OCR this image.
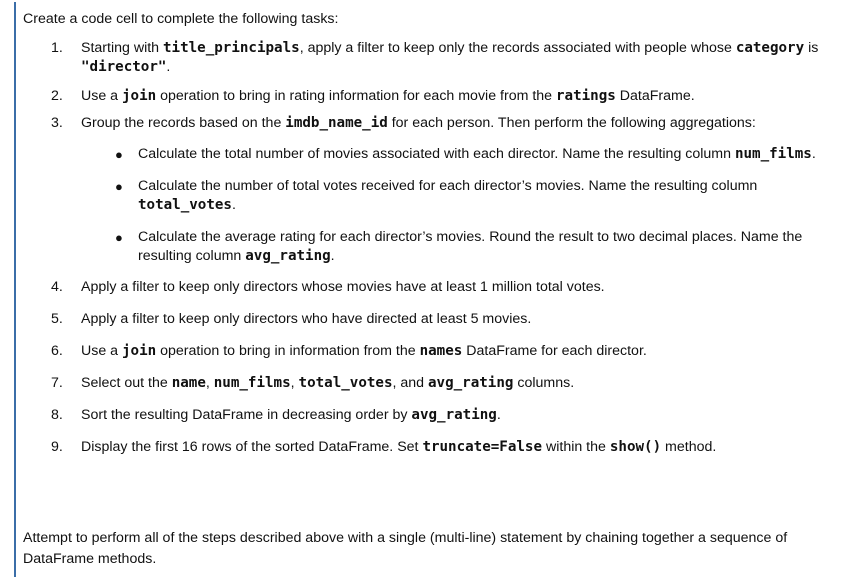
Create a code cell to complete the following tasks:
1. Starting with title_principals, apply a filter to keep only the records associated with people whose category is "director".
2. Use a join operation to bring in rating information for each movie from the ratings DataFrame.
3. Group the records based on the imdb_name_id for each person. Then perform the following aggregations:
● Calculate the total number of movies associated with each director. Name the resulting column num_films.
● Calculate the number of total votes received for each director’s movies. Name the resulting column total_votes.
● Calculate the average rating for each director’s movies. Round the result to two decimal places. Name the resulting column avg_rating.
4. Apply a filter to keep only directors whose movies have at least 1 million total votes.
5. Apply a filter to keep only directors who have directed at least 5 movies.
6. Use a join operation to bring in information from the names DataFrame for each director.
7. Select out the name, num_films, total_votes, and avg_rating columns.
8. Sort the resulting DataFrame in decreasing order by avg_rating.
9. Display the first 16 rows of the sorted DataFrame. Set truncate=False within the show() method.
Attempt to perform all of the steps described above with a single (multi-line) statement by chaining together a sequence of DataFrame methods.
